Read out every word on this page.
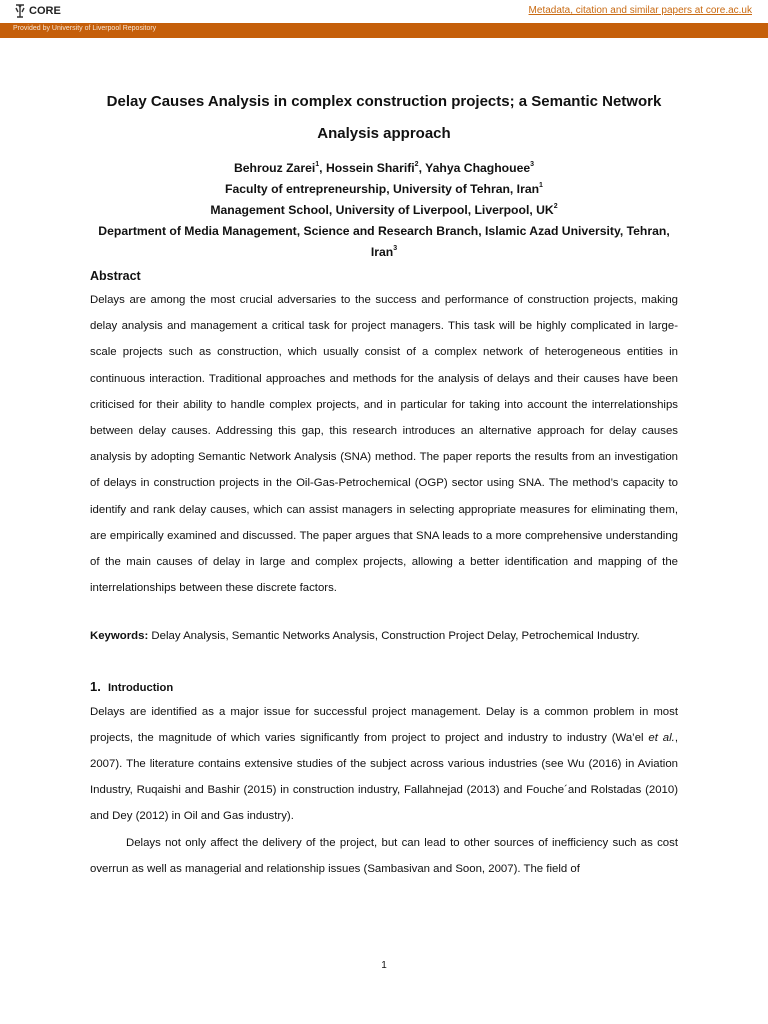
CORE	Metadata, citation and similar papers at core.ac.uk
Provided by University of Liverpool Repository
Delay Causes Analysis in complex construction projects; a Semantic Network Analysis approach
Behrouz Zarei$^1$, Hossein Sharifi$^2$, Yahya Chaghouee$^3$
Faculty of entrepreneurship, University of Tehran, Iran$^1$
Management School, University of Liverpool, Liverpool, $UK^2$
Department of Media Management, Science and Research Branch, Islamic Azad University, Tehran, Iran$^3$
Abstract

Delays are among the most crucial adversaries to the success and performance of construction projects, making delay analysis and management a critical task for project managers. This task will be highly complicated in large-scale projects such as construction, which usually consist of a complex network of heterogeneous entities in continuous interaction. Traditional approaches and methods for the analysis of delays and their causes have been criticised for their ability to handle complex projects, and in particular for taking into account the interrelationships between delay causes. Addressing this gap, this research introduces an alternative approach for delay causes analysis by adopting Semantic Network Analysis (SNA) method. The paper reports the results from an investigation of delays in construction projects in the Oil-Gas-Petrochemical (OGP) sector using SNA. The method’s capacity to identify and rank delay causes, which can assist managers in selecting appropriate measures for eliminating them, are empirically examined and discussed. The paper argues that SNA leads to a more comprehensive understanding of the main causes of delay in large and complex projects, allowing a better identification and mapping of the interrelationships between these discrete factors.

Keywords: Delay Analysis, Semantic Networks Analysis, Construction Project Delay, Petrochemical Industry.

1. Introduction

Delays are identified as a major issue for successful project management. Delay is a common problem in most projects, the magnitude of which varies significantly from project to project and industry to industry (Wa’el et al., 2007). The literature contains extensive studies of the subject across various industries (see Wu (2016) in Aviation Industry, Ruqaishi and Bashir (2015) in construction industry, Fallahnejad (2013) and Fouche´and Rolstadas (2010) and Dey (2012) in Oil and Gas industry).

Delays not only affect the delivery of the project, but can lead to other sources of inefficiency such as cost overrun as well as managerial and relationship issues (Sambasivan and Soon, 2007). The field of

1
